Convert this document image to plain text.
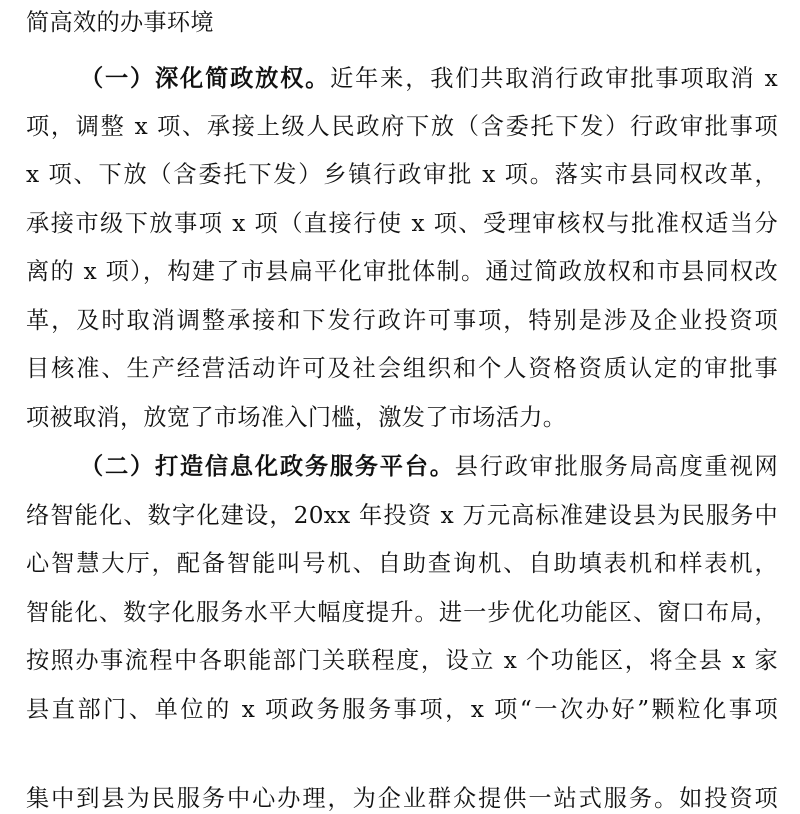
简高效的办事环境
（一）深化简政放权。近年来，我们共取消行政审批事项取消 x
项，调整 x 项、承接上级人民政府下放（含委托下发）行政审批事项
x 项、下放（含委托下发）乡镇行政审批 x 项。落实市县同权改革，
承接市级下放事项 x 项（直接行使 x 项、受理审核权与批准权适当分
离的 x 项），构建了市县扁平化审批体制。通过简政放权和市县同权改
革，及时取消调整承接和下发行政许可事项，特别是涉及企业投资项
目核准、生产经营活动许可及社会组织和个人资格资质认定的审批事
项被取消，放宽了市场准入门槛，激发了市场活力。
（二）打造信息化政务服务平台。县行政审批服务局高度重视网
络智能化、数字化建设，20xx 年投资 x 万元高标准建设县为民服务中
心智慧大厅，配备智能叫号机、自助查询机、自助填表机和样表机，
智能化、数字化服务水平大幅度提升。进一步优化功能区、窗口布局，
按照办事流程中各职能部门关联程度，设立 x 个功能区，将全县 x 家
县直部门、单位的 x 项政务服务事项，x 项“一次办好”颗粒化事项
集中到县为民服务中心办理，为企业群众提供一站式服务。如投资项
